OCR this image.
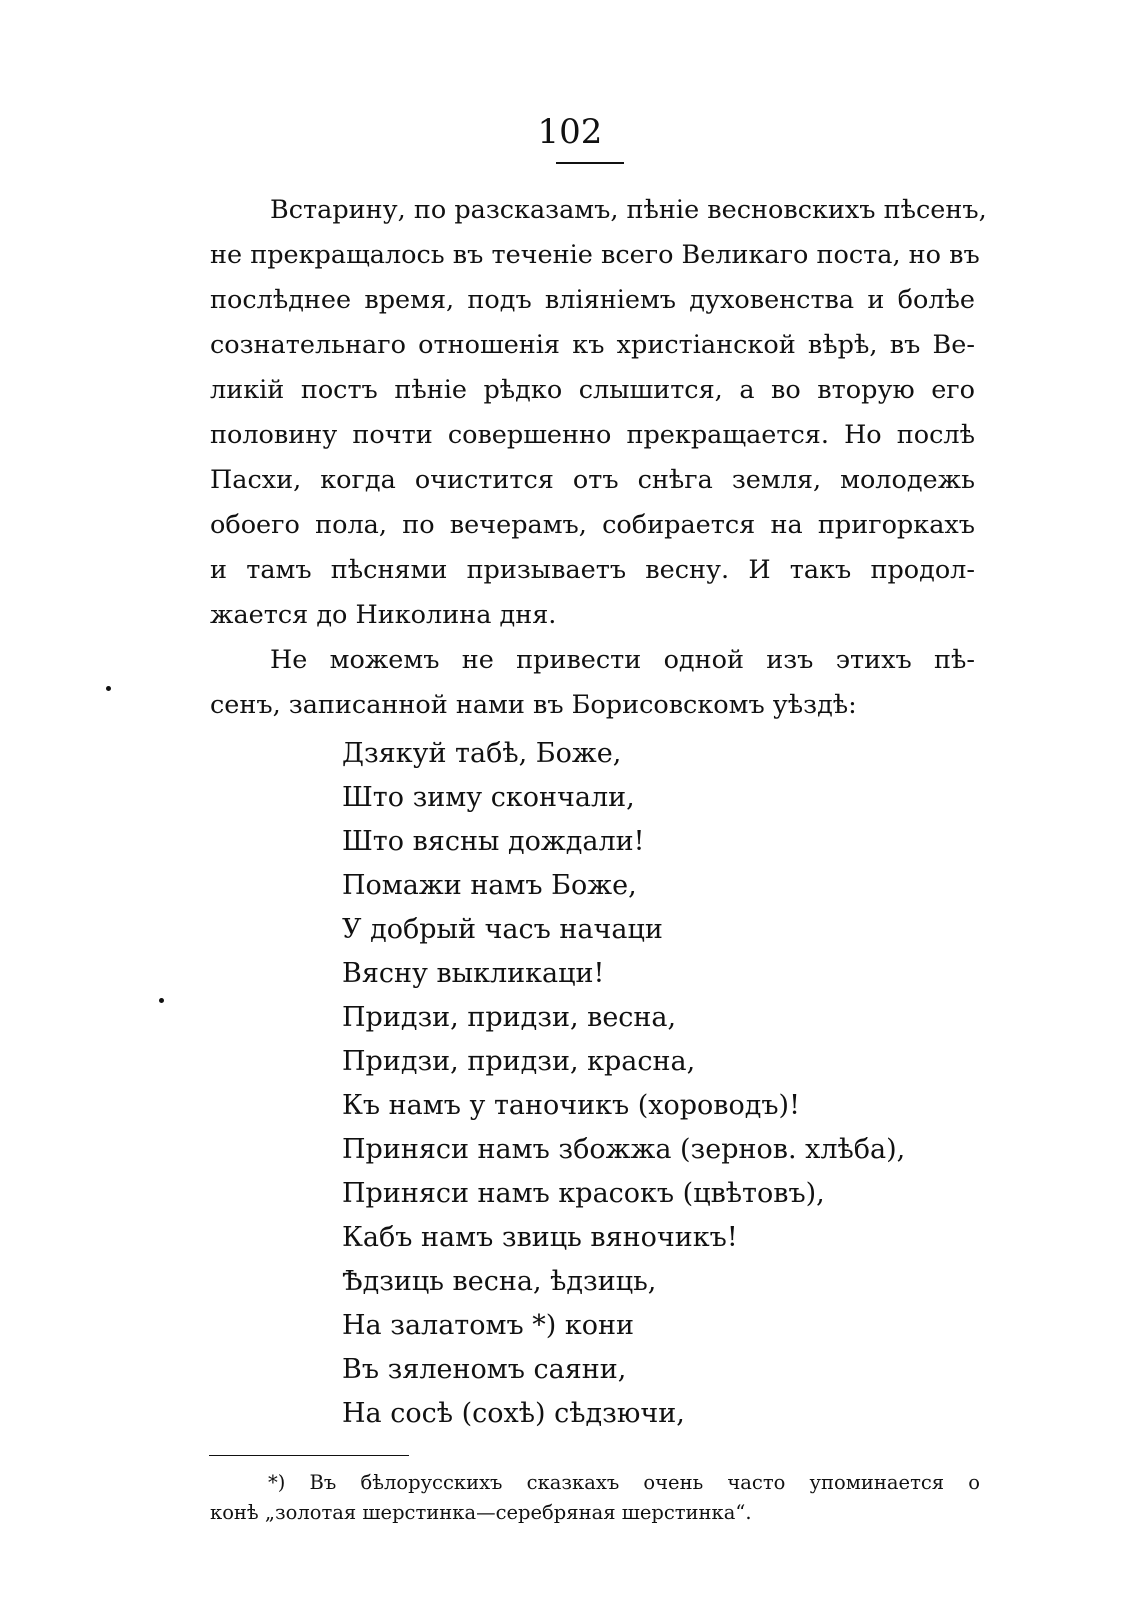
102
Встарину, по разсказамъ, пѣніе весновскихъ пѣсенъ,
не прекращалось въ теченіе всего Великаго поста, но въ
послѣднее время, подъ вліяніемъ духовенства и болѣе
сознательнаго отношенія къ христіанской вѣрѣ, въ Ве-
ликій постъ пѣніе рѣдко слышится, а во вторую его
половину почти совершенно прекращается. Но послѣ
Пасхи, когда очистится отъ снѣга земля, молодежь
обоего пола, по вечерамъ, собирается на пригоркахъ
и тамъ пѣснями призываетъ весну. И такъ продол-
жается до Николина дня.
Не можемъ не привести одной изъ этихъ пѣ-
сенъ, записанной нами въ Борисовскомъ уѣздѣ:
Дзякуй табѣ, Боже,
Што зиму скончали,
Што вясны дождали!
Помажи намъ Боже,
У добрый часъ начаци
Вясну выкликаци!
Придзи, придзи, весна,
Придзи, придзи, красна,
Къ намъ у таночикъ (хороводъ)!
Приняси намъ збожжа (зернов. хлѣба),
Приняси намъ красокъ (цвѣтовъ),
Кабъ намъ звиць вяночикъ!
Ѣдзиць весна, ѣдзиць,
На залатомъ *) кони
Въ зяленомъ саяни,
На сосѣ (сохѣ) сѣдзючи,
*) Въ бѣлорусскихъ сказкахъ очень часто упоминается о
конѣ „золотая шерстинка—серебряная шерстинка“.
